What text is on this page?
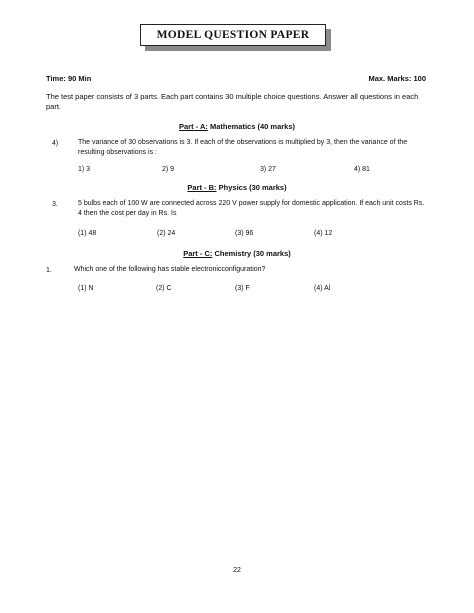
MODEL QUESTION PAPER
Time: 90 Min	Max. Marks: 100
The test paper consists of 3 parts. Each part contains 30 multiple choice questions. Answer all questions in each part.
Part - A: Mathematics (40 marks)
4)	The variance of 30 observations is 3. If each of the observations is multiplied by 3, then the variance of the resulting observations is :
1) 3	2) 9	3) 27	4) 81
Part - B: Physics (30 marks)
3.	5 bulbs each of 100 W are connected across 220 V power supply for domestic application. If each unit costs Rs. 4 then the cost per day in Rs. Is
(1) 48	(2) 24	(3) 96	(4) 12
Part - C: Chemistry (30 marks)
1.	Which one of the following has stable electronicconfiguration?
(1) N	(2) C	(3) F	(4) Al
22
